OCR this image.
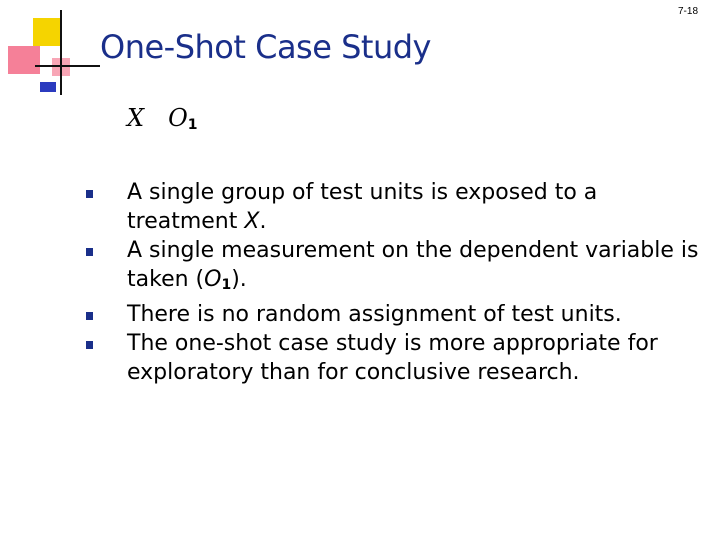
7-18
One-Shot Case Study
X $O_1$
A single group of test units is exposed to a treatment X.
A single measurement on the dependent variable is taken (O1).
There is no random assignment of test units.
The one-shot case study is more appropriate for exploratory than for conclusive research.
